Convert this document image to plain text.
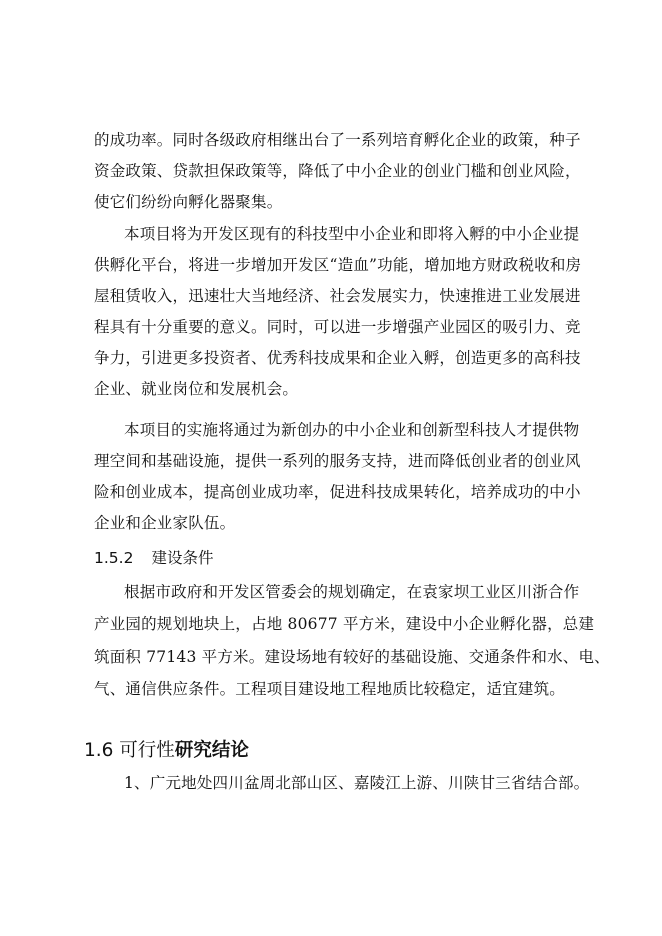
的成功率。同时各级政府相继出台了一系列培育孵化企业的政策，种子
资金政策、贷款担保政策等，降低了中小企业的创业门槛和创业风险，
使它们纷纷向孵化器聚集。
本项目将为开发区现有的科技型中小企业和即将入孵的中小企业提
供孵化平台，将进一步增加开发区“造血”功能，增加地方财政税收和房
屋租赁收入，迅速壮大当地经济、社会发展实力，快速推进工业发展进
程具有十分重要的意义。同时，可以进一步增强产业园区的吸引力、竞
争力，引进更多投资者、优秀科技成果和企业入孵，创造更多的高科技
企业、就业岗位和发展机会。
本项目的实施将通过为新创办的中小企业和创新型科技人才提供物
理空间和基础设施，提供一系列的服务支持，进而降低创业者的创业风
险和创业成本，提高创业成功率，促进科技成果转化，培养成功的中小
企业和企业家队伍。
1.5.2 建设条件
根据市政府和开发区管委会的规划确定，在袁家坝工业区川浙合作
产业园的规划地块上，占地 80677 平方米，建设中小企业孵化器，总建
筑面积 77143 平方米。建设场地有较好的基础设施、交通条件和水、电、
气、通信供应条件。工程项目建设地工程地质比较稳定，适宜建筑。
1.6 可行性研究结论
1、广元地处四川盆周北部山区、嘉陵江上游、川陕甘三省结合部。
